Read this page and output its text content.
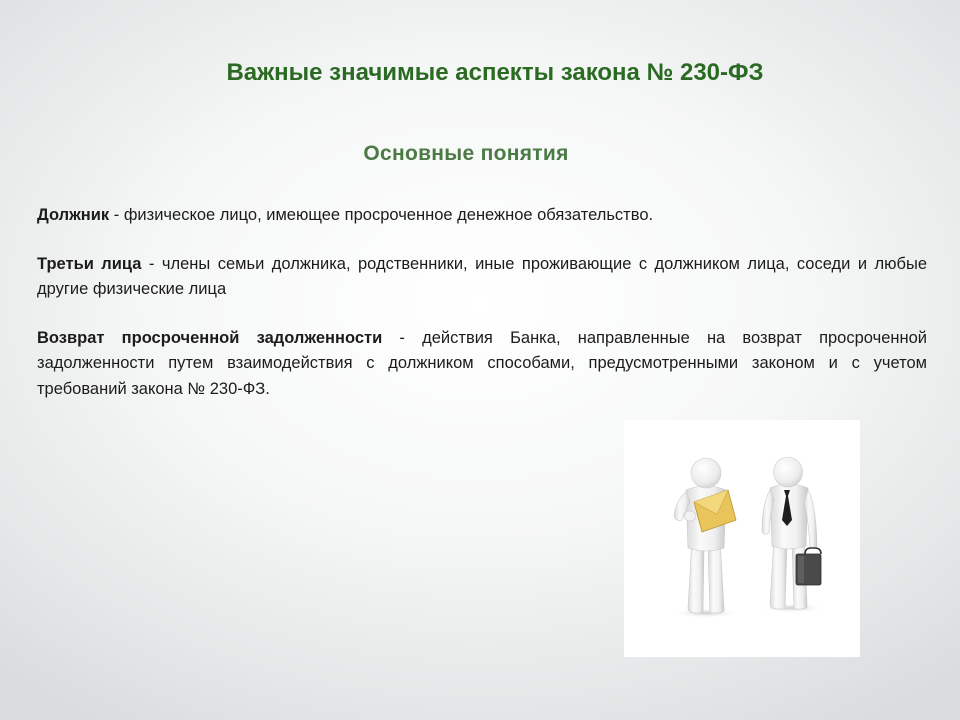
Важные значимые аспекты закона № 230-ФЗ
Основные понятия

Должник - физическое лицо, имеющее просроченное денежное обязательство.

Третьи лица - члены семьи должника, родственники, иные проживающие с должником лица, соседи и любые другие физические лица

Возврат просроченной задолженности - действия Банка, направленные на возврат просроченной задолженности путем взаимодействия с должником способами, предусмотренными законом и с учетом требований закона № 230-ФЗ.
